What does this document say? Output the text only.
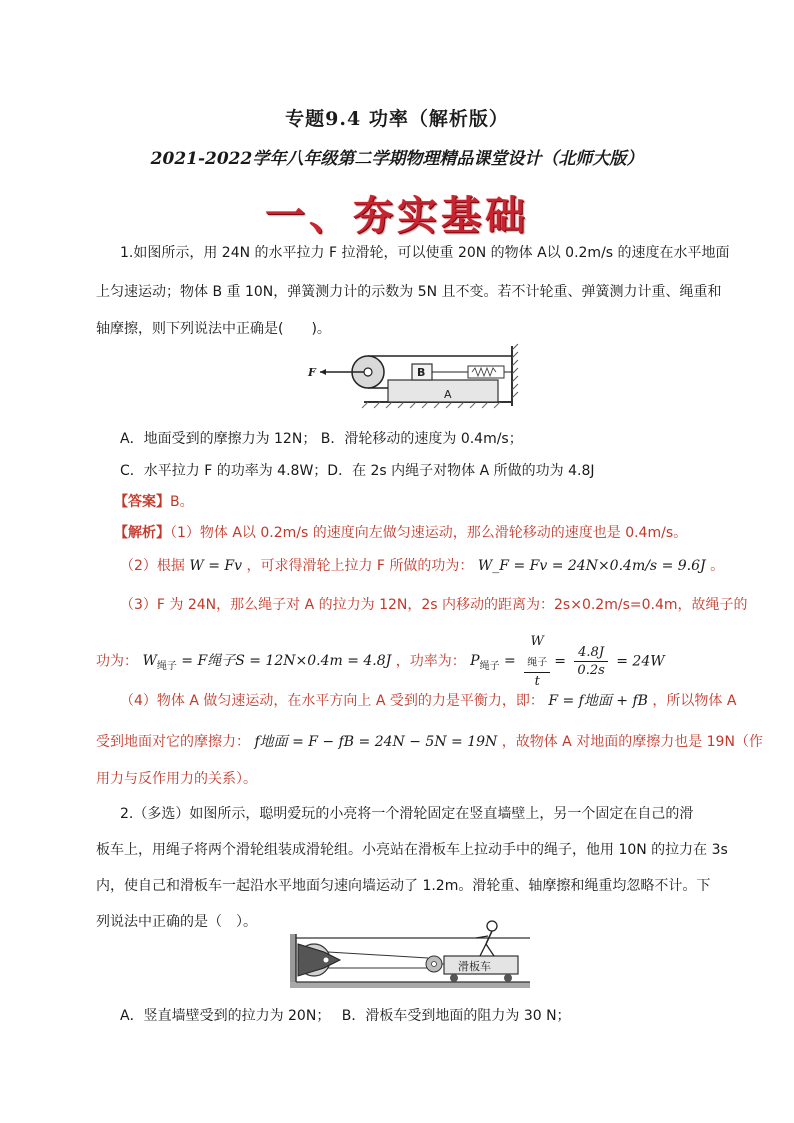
专题9.4 功率（解析版）
2021-2022学年八年级第二学期物理精品课堂设计（北师大版）
一、夯实基础
1.如图所示，用 24N 的水平拉力 F 拉滑轮，可以使重 20N 的物体 A以 0.2m/s 的速度在水平地面
上匀速运动；物体 B 重 10N，弹簧测力计的示数为 5N 且不变。若不计轮重、弹簧测力计重、绳重和
轴摩擦，则下列说法中正确是(　　)。
F	B
A
A．地面受到的摩擦力为 12N； B．滑轮移动的速度为 0.4m/s；
C．水平拉力 F 的功率为 4.8W；D．在 2s 内绳子对物体 A 所做的功为 4.8J
【答案】B。
【解析】（1）物体 A以 0.2m/s 的速度向左做匀速运动，那么滑轮移动的速度也是 0.4m/s。
（2）根据 W = Fv ，可求得滑轮上拉力 F 所做的功为： W_F = Fv = 24N×0.4m/s = 9.6J 。
（3）F 为 24N，那么绳子对 A 的拉力为 12N，2s 内移动的距离为：2s×0.2m/s=0.4m，故绳子的
功为： $W_{绳子} = F$绳子S = 12N×0.4m = 4.8J ，功率为： $P_{绳子} = W$
$_{绳子}$
$t = \frac{4.8J}{0.2s} = 24W$
（4）物体 A 做匀速运动，在水平方向上 A 受到的力是平衡力，即： F = f地面 + fB ，所以物体 A
受到地面对它的摩擦力： f地面 = F − fB = 24N − 5N = 19N ，故物体 A 对地面的摩擦力也是 19N（作
用力与反作用力的关系）。
2.（多选）如图所示，聪明爱玩的小亮将一个滑轮固定在竖直墙壁上，另一个固定在自己的滑
板车上，用绳子将两个滑轮组装成滑轮组。小亮站在滑板车上拉动手中的绳子，他用 10N 的拉力在 3s
内，使自己和滑板车一起沿水平地面匀速向墙运动了 1.2m。滑轮重、轴摩擦和绳重均忽略不计。下
列说法中正确的是（　）。
滑板车
A．竖直墙壁受到的拉力为 20N；　 B．滑板车受到地面的阻力为 30 N；
